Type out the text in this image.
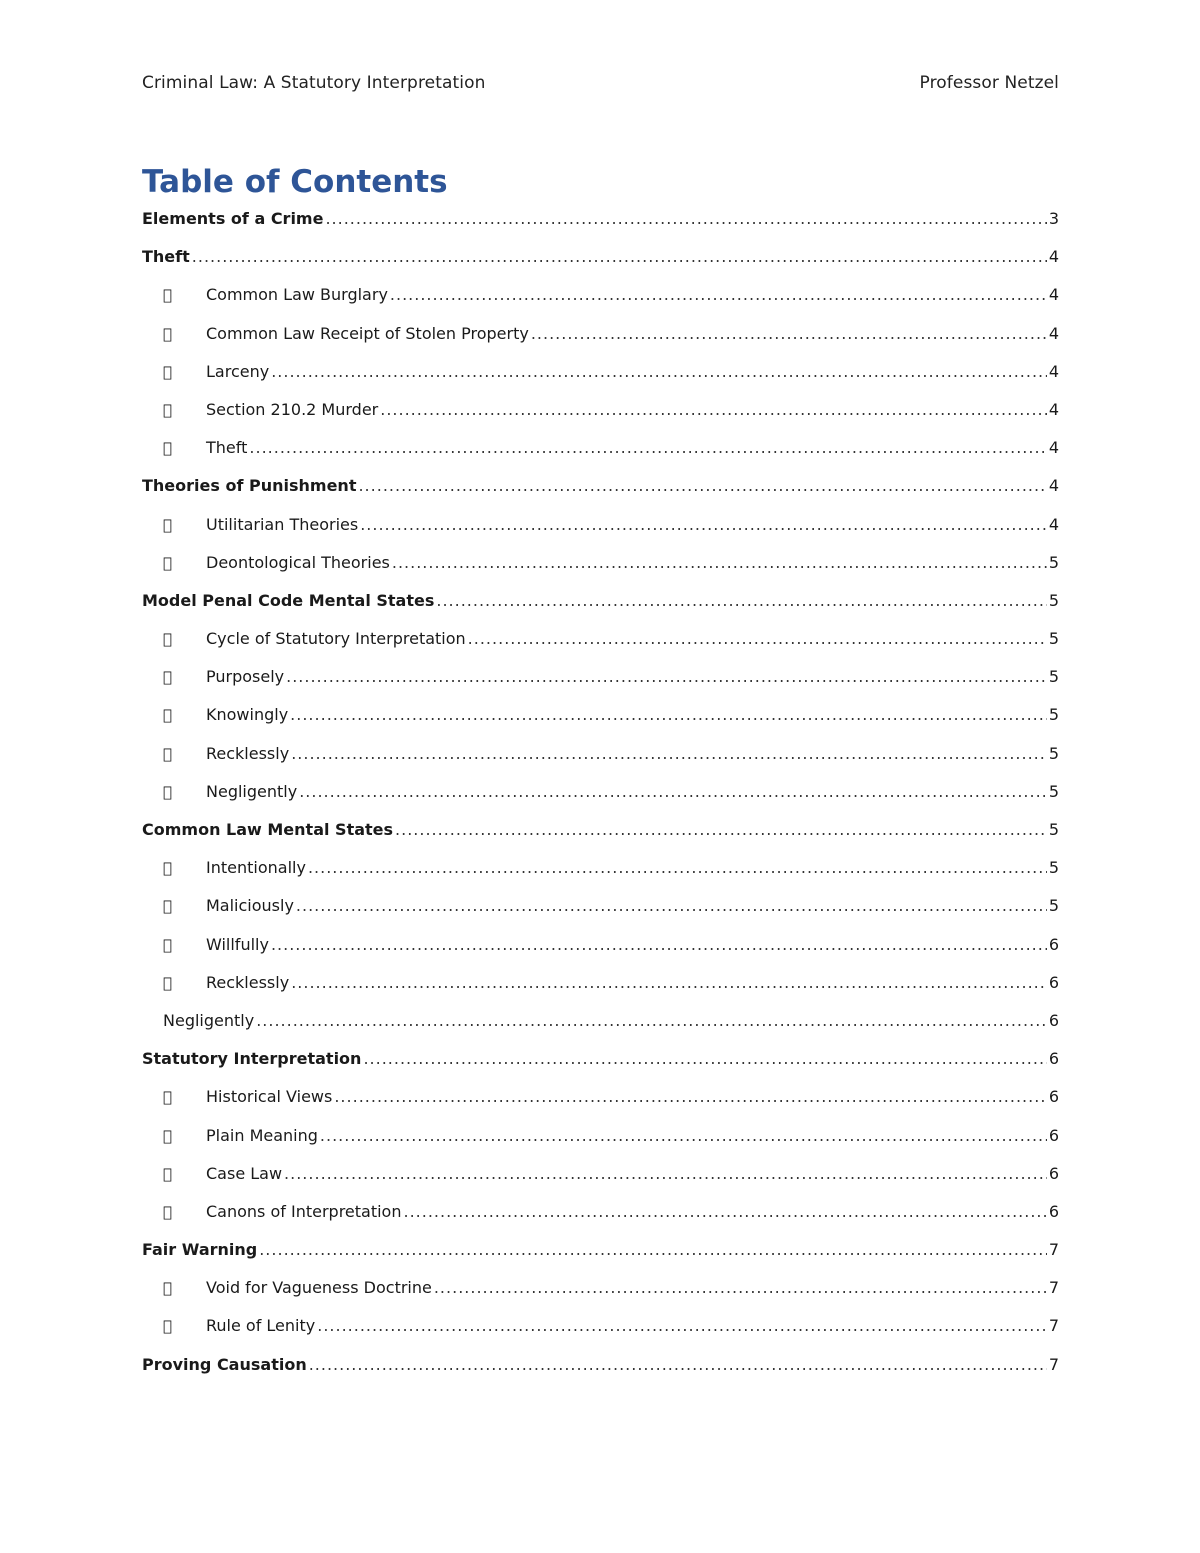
Criminal Law: A Statutory Interpretation	Professor Netzel
Table of Contents
Elements of a Crime .....	3
Theft .....	4
Common Law Burglary .....	4
Common Law Receipt of Stolen Property .....	4
Larceny .....	4
Section 210.2 Murder .....	4
Theft .....	4
Theories of Punishment .....	4
Utilitarian Theories .....	4
Deontological Theories .....	5
Model Penal Code Mental States .....	5
Cycle of Statutory Interpretation .....	5
Purposely .....	5
Knowingly .....	5
Recklessly .....	5
Negligently .....	5
Common Law Mental States .....	5
Intentionally .....	5
Maliciously .....	5
Willfully .....	6
Recklessly .....	6
Negligently .....	6
Statutory Interpretation .....	6
Historical Views .....	6
Plain Meaning .....	6
Case Law .....	6
Canons of Interpretation .....	6
Fair Warning .....	7
Void for Vagueness Doctrine .....	7
Rule of Lenity .....	7
Proving Causation .....	7
